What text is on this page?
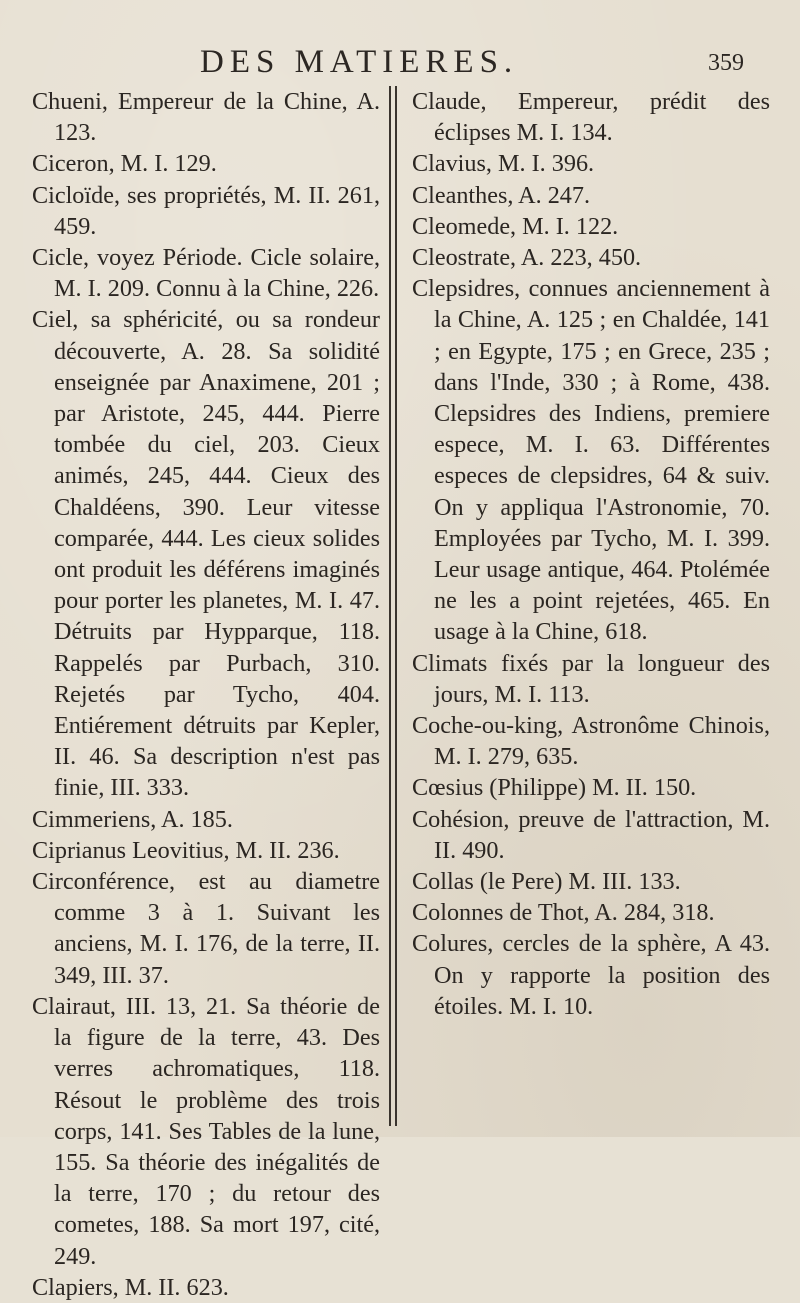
DES MATIERES.	359

Chueni, Empereur de la Chine, A. 123.

Ciceron, M. I. 129.

Cicloïde, ses propriétés, M. II. 261, 459.

Cicle, voyez Période. Cicle solaire, M. I. 209. Connu à la Chine, 226.

Ciel, sa sphéricité, ou sa rondeur découverte, A. 28. Sa solidité enseignée par Anaximene, 201 ; par Aristote, 245, 444. Pierre tombée du ciel, 203. Cieux animés, 245, 444. Cieux des Chaldéens, 390. Leur vitesse comparée, 444. Les cieux solides ont produit les déférens imaginés pour porter les planetes, M. I. 47. Détruits par Hypparque, 118. Rappelés par Purbach, 310. Rejetés par Tycho, 404. Entiérement détruits par Kepler, II. 46. Sa description n'est pas finie, III. 333.

Cimmeriens, A. 185.

Ciprianus Leovitius, M. II. 236.

Circonférence, est au diametre comme 3 à 1. Suivant les anciens, M. I. 176, de la terre, II. 349, III. 37.

Clairaut, III. 13, 21. Sa théorie de la figure de la terre, 43. Des verres achromatiques, 118. Résout le problème des trois corps, 141. Ses Tables de la lune, 155. Sa théorie des inégalités de la terre, 170 ; du retour des cometes, 188. Sa mort 197, cité, 249.

Clapiers, M. II. 623.

Claude, Empereur, prédit des éclipses M. I. 134.

Clavius, M. I. 396.

Cleanthes, A. 247.

Cleomede, M. I. 122.

Cleostrate, A. 223, 450.

Clepsidres, connues anciennement à la Chine, A. 125 ; en Chaldée, 141 ; en Egypte, 175 ; en Grece, 235 ; dans l'Inde, 330 ; à Rome, 438. Clepsidres des Indiens, premiere espece, M. I. 63. Différentes especes de clepsidres, 64 & suiv. On y appliqua l'Astronomie, 70. Employées par Tycho, M. I. 399. Leur usage antique, 464. Ptolémée ne les a point rejetées, 465. En usage à la Chine, 618.

Climats fixés par la longueur des jours, M. I. 113.

Coche-ou-king, Astronôme Chinois, M. I. 279, 635.

Cœsius (Philippe) M. II. 150.

Cohésion, preuve de l'attraction, M. II. 490.

Collas (le Pere) M. III. 133.

Colonnes de Thot, A. 284, 318.

Colures, cercles de la sphère, A 43. On y rapporte la position des étoiles. M. I. 10.
